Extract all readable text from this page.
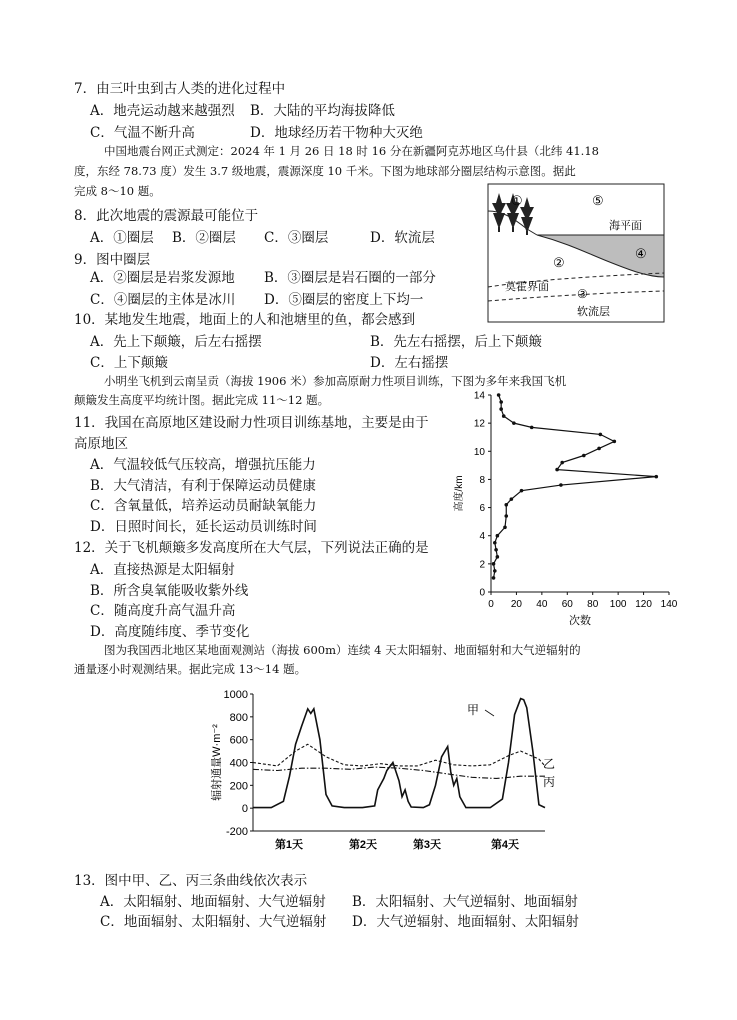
7．由三叶虫到古人类的进化过程中
A．地壳运动越来越强烈 B．大陆的平均海拔降低
C．气温不断升高	D．地球经历若干物种大灭绝
中国地震台网正式测定：2024 年 1 月 26 日 18 时 16 分在新疆阿克苏地区乌什县（北纬 41.18
度，东经 78.73 度）发生 3.7 级地震，震源深度 10 千米。下图为地球部分圈层结构示意图。据此
完成 8～10 题。
8．此次地震的震源最可能位于
A．①圈层 B．②圈层 C．③圈层	D．软流层
9．图中圈层
A．②圈层是岩浆发源地 B．③圈层是岩石圈的一部分
C．④圈层的主体是冰川 D．⑤圈层的密度上下均一
10．某地发生地震，地面上的人和池塘里的鱼，都会感到
A．先上下颠簸，后左右摇摆	B．先左右摇摆，后上下颠簸
C．上下颠簸	D．左右摇摆
①	⑤
海平面
②
④
莫霍界面 ③
软流层
小明坐飞机到云南呈贡（海拔 1906 米）参加高原耐力性项目训练，下图为多年来我国飞机
颠簸发生高度平均统计图。据此完成 11～12 题。
11．我国在高原地区建设耐力性项目训练基地，主要是由于
高原地区
A．气温较低气压较高，增强抗压能力
B．大气清洁，有利于保障运动员健康
C．含氧量低，培养运动员耐缺氧能力
D．日照时间长，延长运动员训练时间
12．关于飞机颠簸多发高度所在大气层，下列说法正确的是
A．直接热源是太阳辐射
B．所含臭氧能吸收紫外线
C．随高度升高气温升高
D．高度随纬度、季节变化
0 20 40 60 80 100 120 140
0
2
4
6
8
10
12
14
次数
高度/km
图为我国西北地区某地面观测站（海拔 600m）连续 4 天太阳辐射、地面辐射和大气逆辐射的
通量逐小时观测结果。据此完成 13～14 题。
-200
0
200
400
600
800
1000
第1天	第2天	第3天	第4天
甲
乙
丙
辐射通量W·m⁻²
13．图中甲、乙、丙三条曲线依次表示
A．太阳辐射、地面辐射、大气逆辐射 B．太阳辐射、大气逆辐射、地面辐射
C．地面辐射、太阳辐射、大气逆辐射 D．大气逆辐射、地面辐射、太阳辐射
